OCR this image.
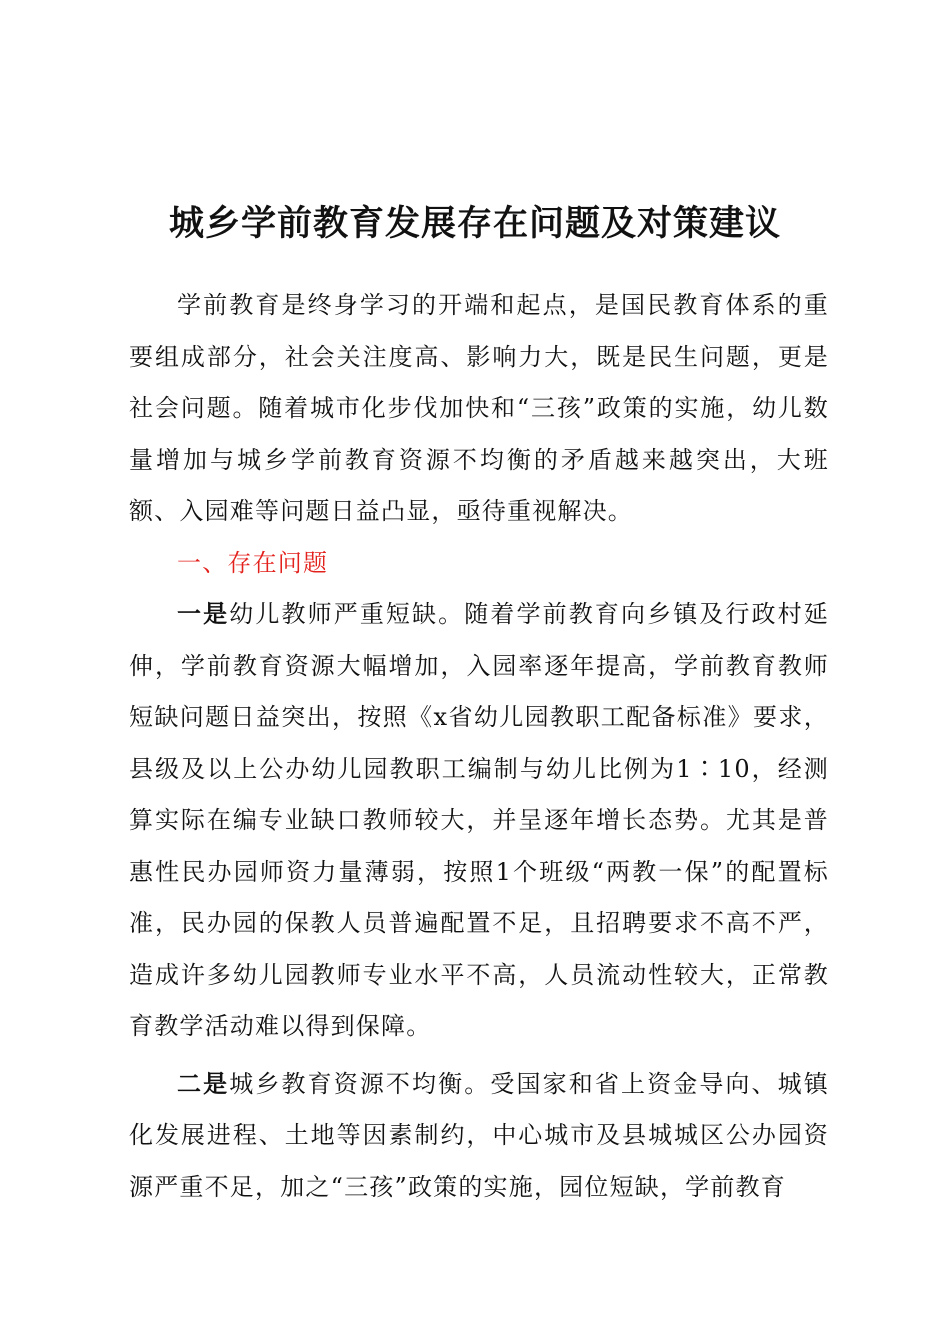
城乡学前教育发展存在问题及对策建议

学前教育是终身学习的开端和起点，是国民教育体系的重要组成部分，社会关注度高、影响力大，既是民生问题，更是社会问题。随着城市化步伐加快和“三孩”政策的实施，幼儿数量增加与城乡学前教育资源不均衡的矛盾越来越突出，大班额、入园难等问题日益凸显，亟待重视解决。

一、存在问题

一是幼儿教师严重短缺。随着学前教育向乡镇及行政村延伸，学前教育资源大幅增加，入园率逐年提高，学前教育教师短缺问题日益突出，按照《x省幼儿园教职工配备标准》要求，县级及以上公办幼儿园教职工编制与幼儿比例为1∶10，经测算实际在编专业缺口教师较大，并呈逐年增长态势。尤其是普惠性民办园师资力量薄弱，按照1个班级“两教一保”的配置标准，民办园的保教人员普遍配置不足，且招聘要求不高不严，造成许多幼儿园教师专业水平不高，人员流动性较大，正常教育教学活动难以得到保障。

二是城乡教育资源不均衡。受国家和省上资金导向、城镇化发展进程、土地等因素制约，中心城市及县城城区公办园资源严重不足，加之“三孩”政策的实施，园位短缺，学前教育
